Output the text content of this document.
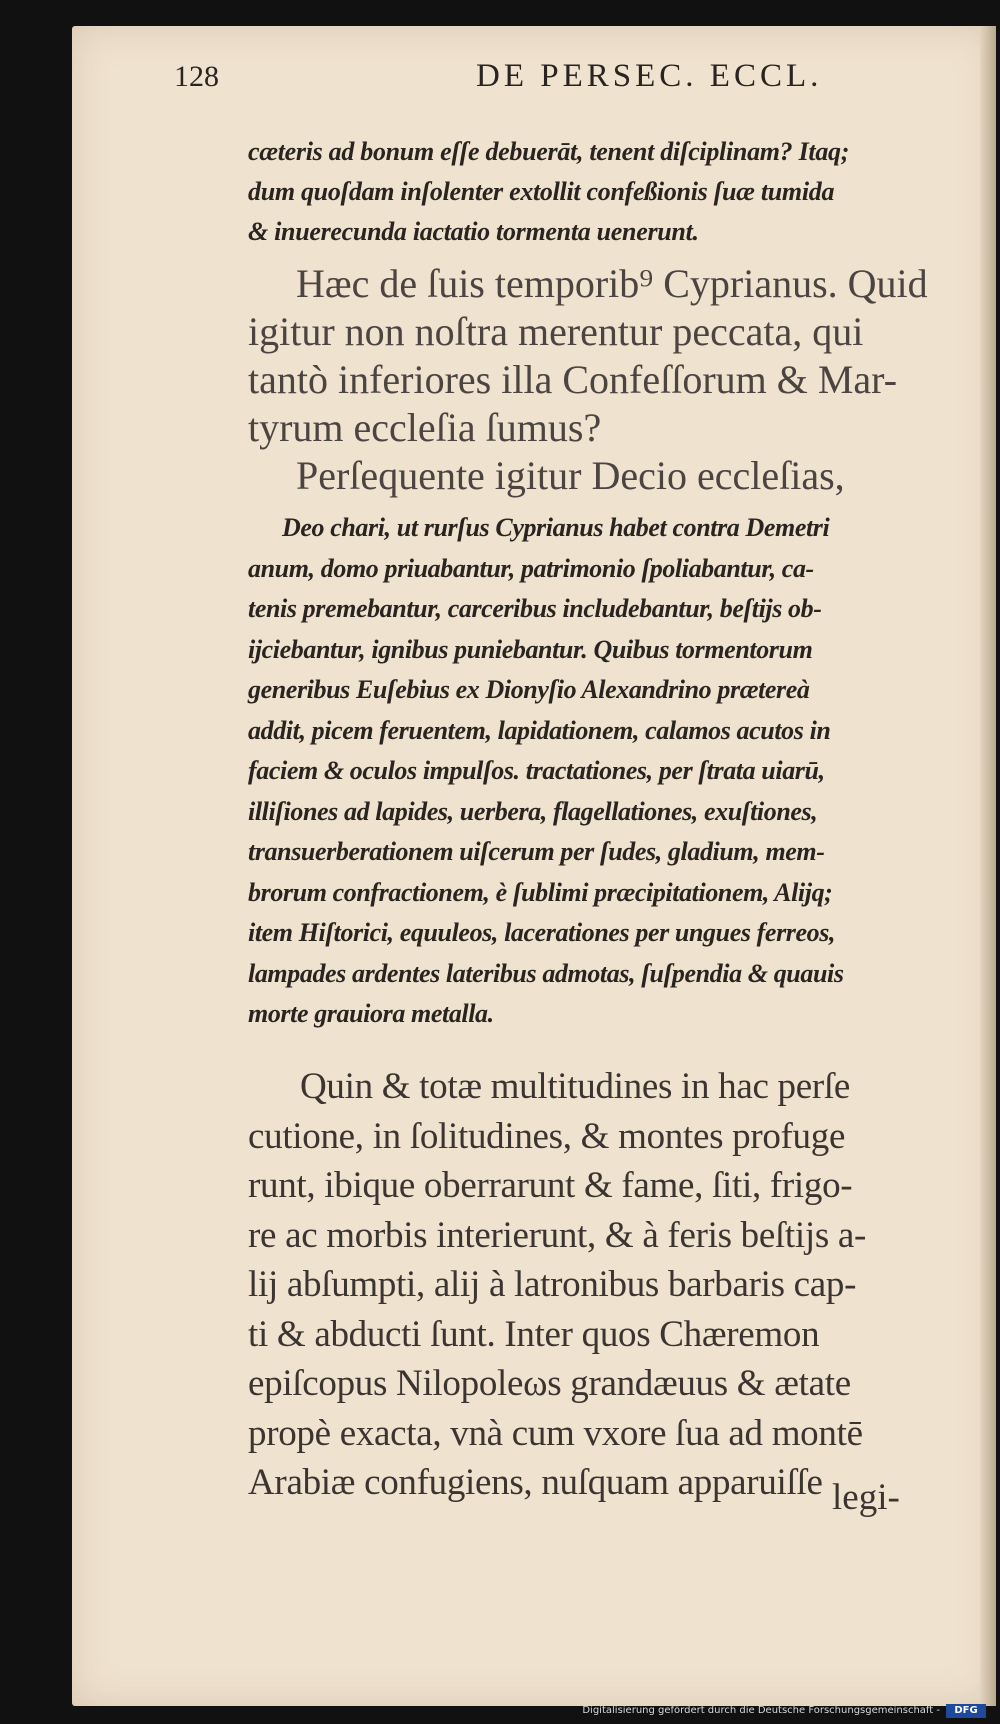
128	DE PERSEC. ECCL.
cæteris ad bonum eſſe debuerāt, tenent diſciplinam? Itaq;
dum quoſdam inſolenter extollit confeßionis ſuæ tumida
& inuerecunda iactatio tormenta uenerunt.
Hæc de ſuis temporib⁹ Cyprianus. Quid
igitur non noſtra merentur peccata, qui
tantò inferiores illa Confeſſorum & Mar-
tyrum eccleſia ſumus?
Perſequente igitur Decio eccleſias,
Deo chari, ut rurſus Cyprianus habet contra Demetri
anum, domo priuabantur, patrimonio ſpoliabantur, ca-
tenis premebantur, carceribus includebantur, beſtijs ob-
ijciebantur, ignibus puniebantur. Quibus tormentorum
generibus Euſebius ex Dionyſio Alexandrino prætereà
addit, picem feruentem, lapidationem, calamos acutos in
faciem & oculos impulſos. tractationes, per ſtrata uiarū,
illiſiones ad lapides, uerbera, flagellationes, exuſtiones,
transuerberationem uiſcerum per ſudes, gladium, mem-
brorum confractionem, è ſublimi præcipitationem, Alijq;
item Hiſtorici, equuleos, lacerationes per ungues ferreos,
lampades ardentes lateribus admotas, ſuſpendia & quauis
morte grauiora metalla.
Quin & totæ multitudines in hac perſe
cutione, in ſolitudines, & montes profuge
runt, ibique oberrarunt & fame, ſiti, frigo-
re ac morbis interierunt, & à feris beſtijs a-
lij abſumpti, alij à latronibus barbaris cap-
ti & abducti ſunt. Inter quos Chæremon
epiſcopus Nilopoleωs grandæuus & ætate
propè exacta, vnà cum vxore ſua ad montē
Arabiæ confugiens, nuſquam apparuiſſe legi-
Digitalisierung gefördert durch die Deutsche Forschungsgemeinschaft -	DFG
